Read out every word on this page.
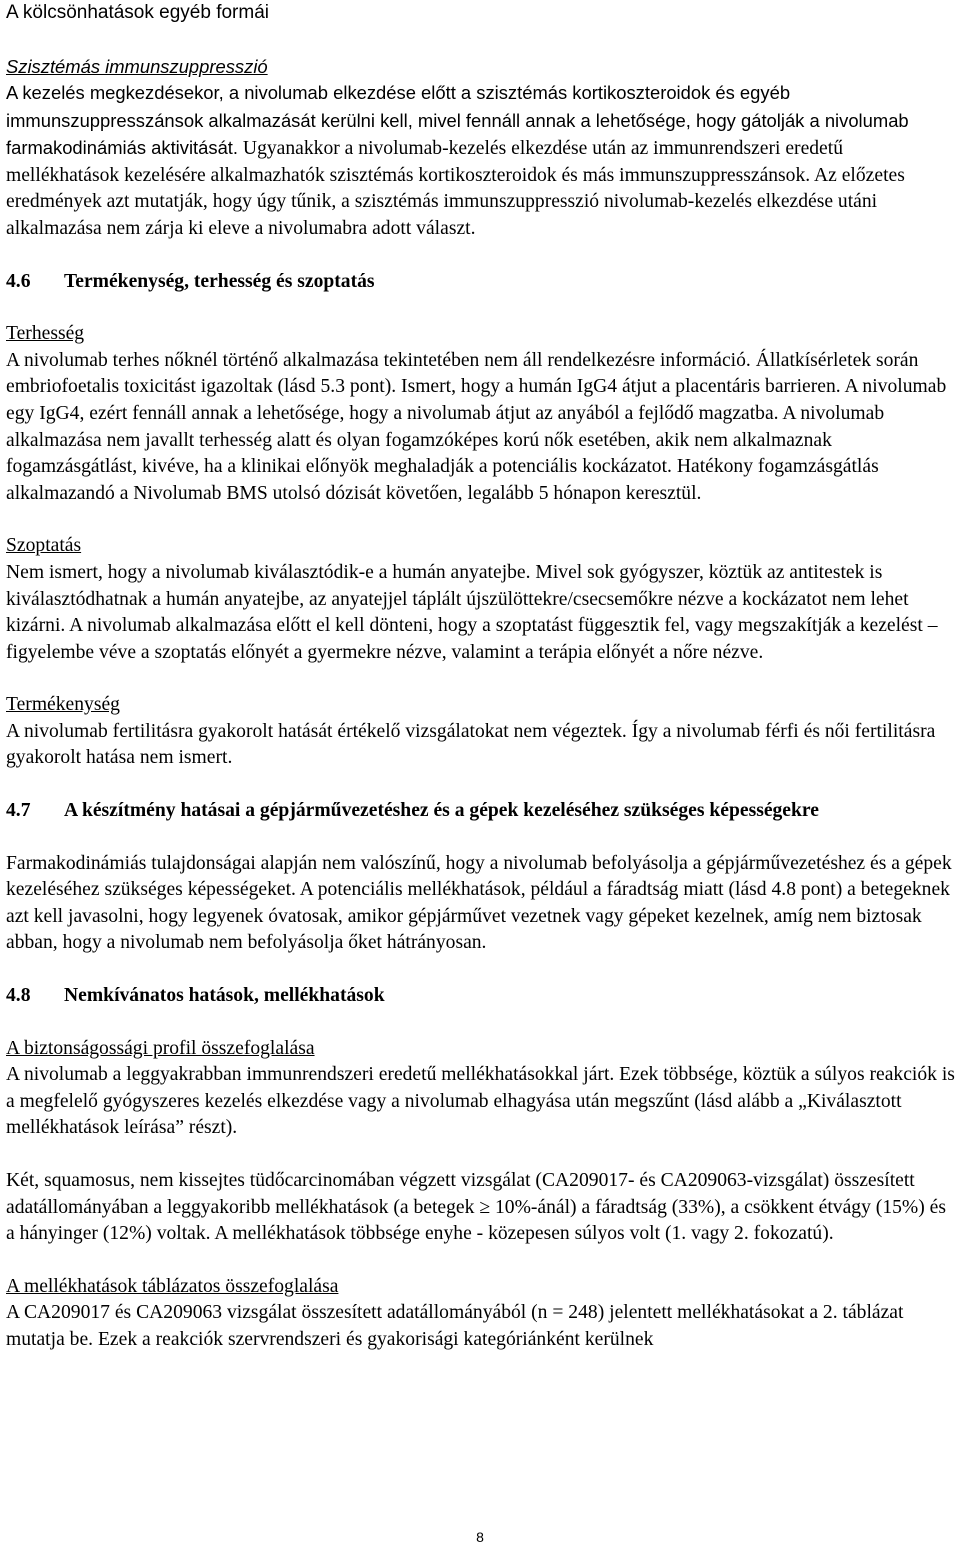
A kölcsönhatások egyéb formái

Szisztémás immunszuppresszió

A kezelés megkezdésekor, a nivolumab elkezdése előtt a szisztémás kortikoszteroidok és egyéb immunszuppresszánsok alkalmazását kerülni kell, mivel fennáll annak a lehetősége, hogy gátolják a nivolumab farmakodinámiás aktivitását. Ugyanakkor a nivolumab-kezelés elkezdése után az immunrendszeri eredetű mellékhatások kezelésére alkalmazhatók szisztémás kortikoszteroidok és más immunszuppresszánsok. Az előzetes eredmények azt mutatják, hogy úgy tűnik, a szisztémás immunszuppresszió nivolumab-kezelés elkezdése utáni alkalmazása nem zárja ki eleve a nivolumabra adott választ.

4.6	Termékenység, terhesség és szoptatás

Terhesség

A nivolumab terhes nőknél történő alkalmazása tekintetében nem áll rendelkezésre információ. Állatkísérletek során embriofoetalis toxicitást igazoltak (lásd 5.3 pont). Ismert, hogy a humán IgG4 átjut a placentáris barrieren. A nivolumab egy IgG4, ezért fennáll annak a lehetősége, hogy a nivolumab átjut az anyából a fejlődő magzatba. A nivolumab alkalmazása nem javallt terhesség alatt és olyan fogamzóképes korú nők esetében, akik nem alkalmaznak fogamzásgátlást, kivéve, ha a klinikai előnyök meghaladják a potenciális kockázatot. Hatékony fogamzásgátlás alkalmazandó a Nivolumab BMS utolsó dózisát követően, legalább 5 hónapon keresztül.

Szoptatás

Nem ismert, hogy a nivolumab kiválasztódik-e a humán anyatejbe. Mivel sok gyógyszer, köztük az antitestek is kiválasztódhatnak a humán anyatejbe, az anyatejjel táplált újszülöttekre/csecsemőkre nézve a kockázatot nem lehet kizárni. A nivolumab alkalmazása előtt el kell dönteni, hogy a szoptatást függesztik fel, vagy megszakítják a kezelést – figyelembe véve a szoptatás előnyét a gyermekre nézve, valamint a terápia előnyét a nőre nézve.

Termékenység

A nivolumab fertilitásra gyakorolt hatását értékelő vizsgálatokat nem végeztek. Így a nivolumab férfi és női fertilitásra gyakorolt hatása nem ismert.

4.7	A készítmény hatásai a gépjárművezetéshez és a gépek kezeléséhez szükséges képességekre

Farmakodinámiás tulajdonságai alapján nem valószínű, hogy a nivolumab befolyásolja a gépjárművezetéshez és a gépek kezeléséhez szükséges képességeket. A potenciális mellékhatások, például a fáradtság miatt (lásd 4.8 pont) a betegeknek azt kell javasolni, hogy legyenek óvatosak, amikor gépjárművet vezetnek vagy gépeket kezelnek, amíg nem biztosak abban, hogy a nivolumab nem befolyásolja őket hátrányosan.

4.8	Nemkívánatos hatások, mellékhatások

A biztonságossági profil összefoglalása

A nivolumab a leggyakrabban immunrendszeri eredetű mellékhatásokkal járt. Ezek többsége, köztük a súlyos reakciók is a megfelelő gyógyszeres kezelés elkezdése vagy a nivolumab elhagyása után megszűnt (lásd alább a „Kiválasztott mellékhatások leírása” részt).

Két, squamosus, nem kissejtes tüdőcarcinomában végzett vizsgálat (CA209017- és CA209063-vizsgálat) összesített adatállományában a leggyakoribb mellékhatások (a betegek ≥ 10%-ánál) a fáradtság (33%), a csökkent étvágy (15%) és a hányinger (12%) voltak. A mellékhatások többsége enyhe - közepesen súlyos volt (1. vagy 2. fokozatú).

A mellékhatások táblázatos összefoglalása

A CA209017 és CA209063 vizsgálat összesített adatállományából (n = 248) jelentett mellékhatásokat a 2. táblázat mutatja be. Ezek a reakciók szervrendszeri és gyakorisági kategóriánként kerülnek

8
